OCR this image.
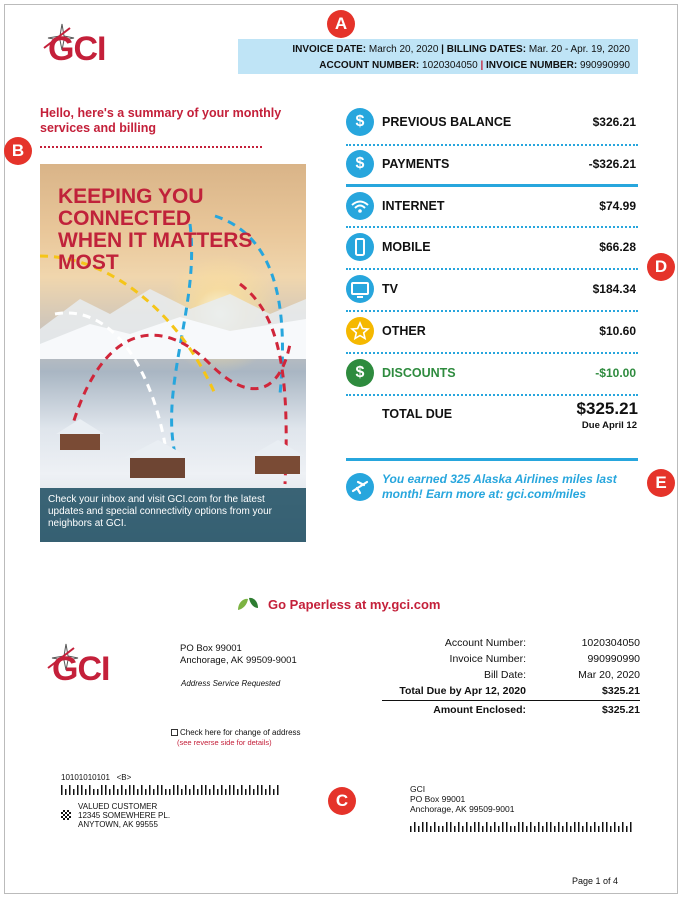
GCI	INVOICE DATE: March 20, 2020 | BILLING DATES: Mar. 20 - Apr. 19, 2020
ACCOUNT NUMBER: 1020304050 | INVOICE NUMBER: 990990990
A
B
C
D
E
Hello, here's a summary of your monthly services and billing
KEEPING YOU CONNECTED WHEN IT MATTERS MOST
Check your inbox and visit GCI.com for the latest updates and special connectivity options from your neighbors at GCI.
$	PREVIOUS BALANCE	$326.21
$	PAYMENTS	-$326.21
INTERNET	$74.99
MOBILE	$66.28
TV	$184.34
OTHER	$10.60
$	DISCOUNTS	-$10.00
TOTAL DUE	$325.21
Due April 12
You earned 325 Alaska Airlines miles last month! Earn more at: gci.com/miles
Go Paperless at my.gci.com
GCI
PO Box 99001
Anchorage, AK 99509-9001
Address Service Requested
Account Number:	1020304050
Invoice Number:	990990990
Bill Date:	Mar 20, 2020
Total Due by Apr 12, 2020	$325.21
Amount Enclosed:	$325.21
Check here for change of address
(see reverse side for details)
10101010101 <B>
VALUED CUSTOMER
12345 SOMEWHERE PL.
ANYTOWN, AK 99555
GCI
PO Box 99001
Anchorage, AK 99509-9001
Page 1 of 4
